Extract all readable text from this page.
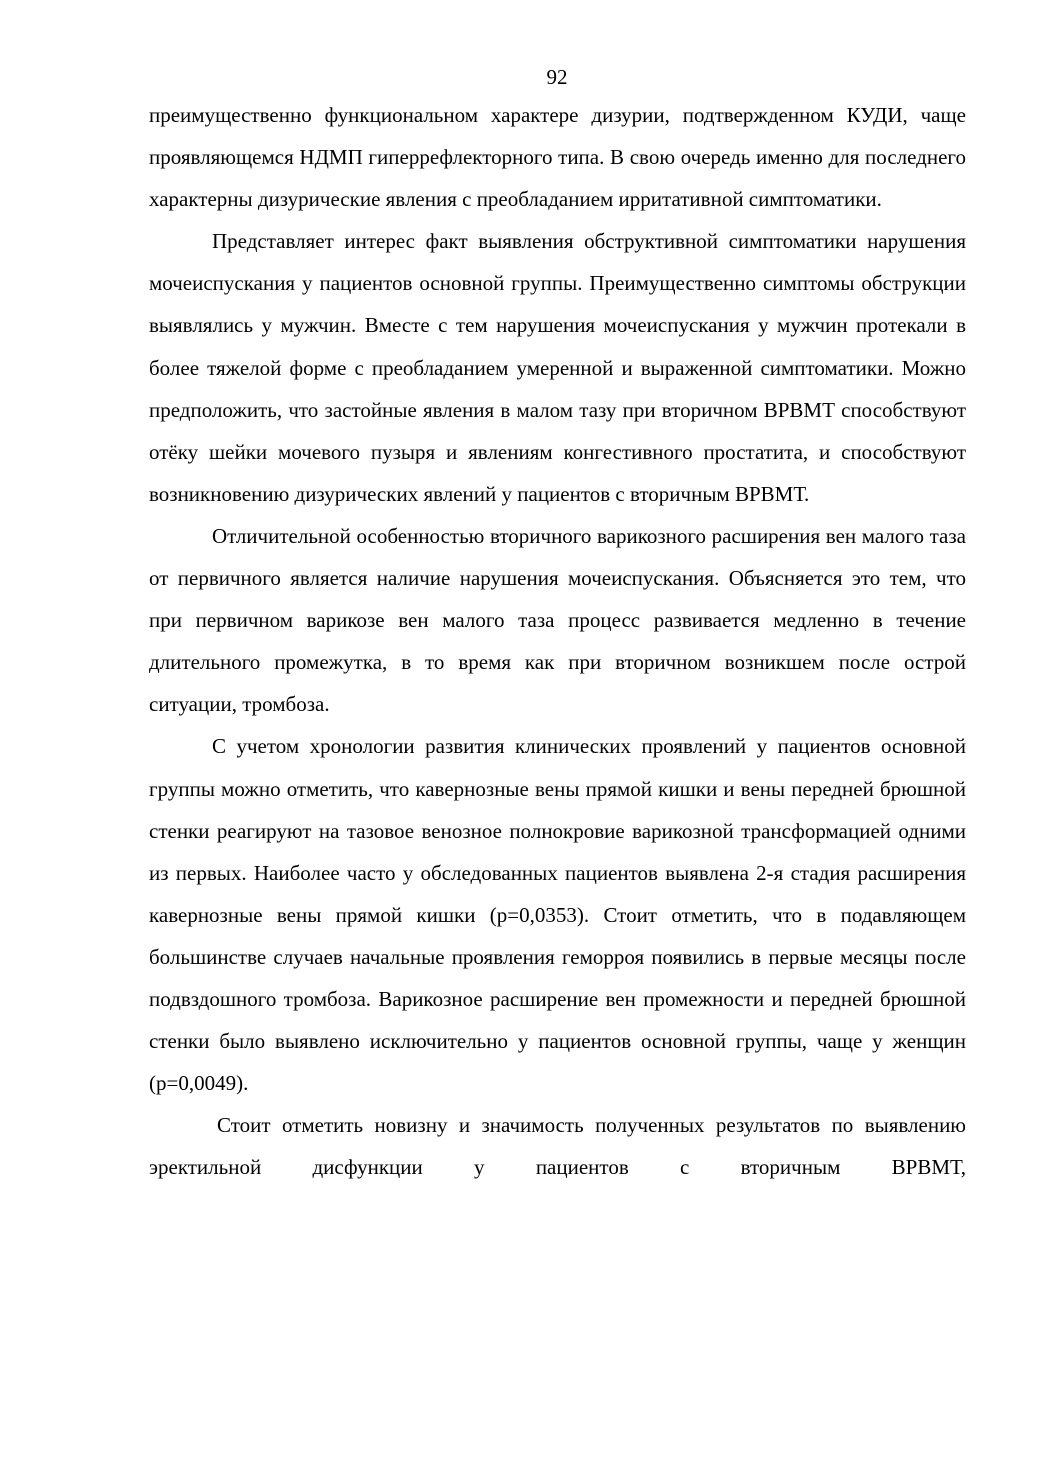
92

преимущественно функциональном характере дизурии, подтвержденном КУДИ, чаще проявляющемся НДМП гиперрефлекторного типа. В свою очередь именно для последнего характерны дизурические явления с преобладанием ирритативной симптоматики.

Представляет интерес факт выявления обструктивной симптоматики нарушения мочеиспускания у пациентов основной группы. Преимущественно симптомы обструкции выявлялись у мужчин. Вместе с тем нарушения мочеиспускания у мужчин протекали в более тяжелой форме с преобладанием умеренной и выраженной симптоматики. Можно предположить, что застойные явления в малом тазу при вторичном ВРВМТ способствуют отёку шейки мочевого пузыря и явлениям конгестивного простатита, и способствуют возникновению дизурических явлений у пациентов с вторичным ВРВМТ.

Отличительной особенностью вторичного варикозного расширения вен малого таза от первичного является наличие нарушения мочеиспускания. Объясняется это тем, что при первичном варикозе вен малого таза процесс развивается медленно в течение длительного промежутка, в то время как при вторичном возникшем после острой ситуации, тромбоза.

С учетом хронологии развития клинических проявлений у пациентов основной группы можно отметить, что кавернозные вены прямой кишки и вены передней брюшной стенки реагируют на тазовое венозное полнокровие варикозной трансформацией одними из первых. Наиболее часто у обследованных пациентов выявлена 2-я стадия расширения кавернозные вены прямой кишки (p=0,0353). Стоит отметить, что в подавляющем большинстве случаев начальные проявления геморроя появились в первые месяцы после подвздошного тромбоза. Варикозное расширение вен промежности и передней брюшной стенки было выявлено исключительно у пациентов основной группы, чаще у женщин (p=0,0049).

Стоит отметить новизну и значимость полученных результатов по выявлению эректильной дисфункции у пациентов с вторичным ВРВМТ,
